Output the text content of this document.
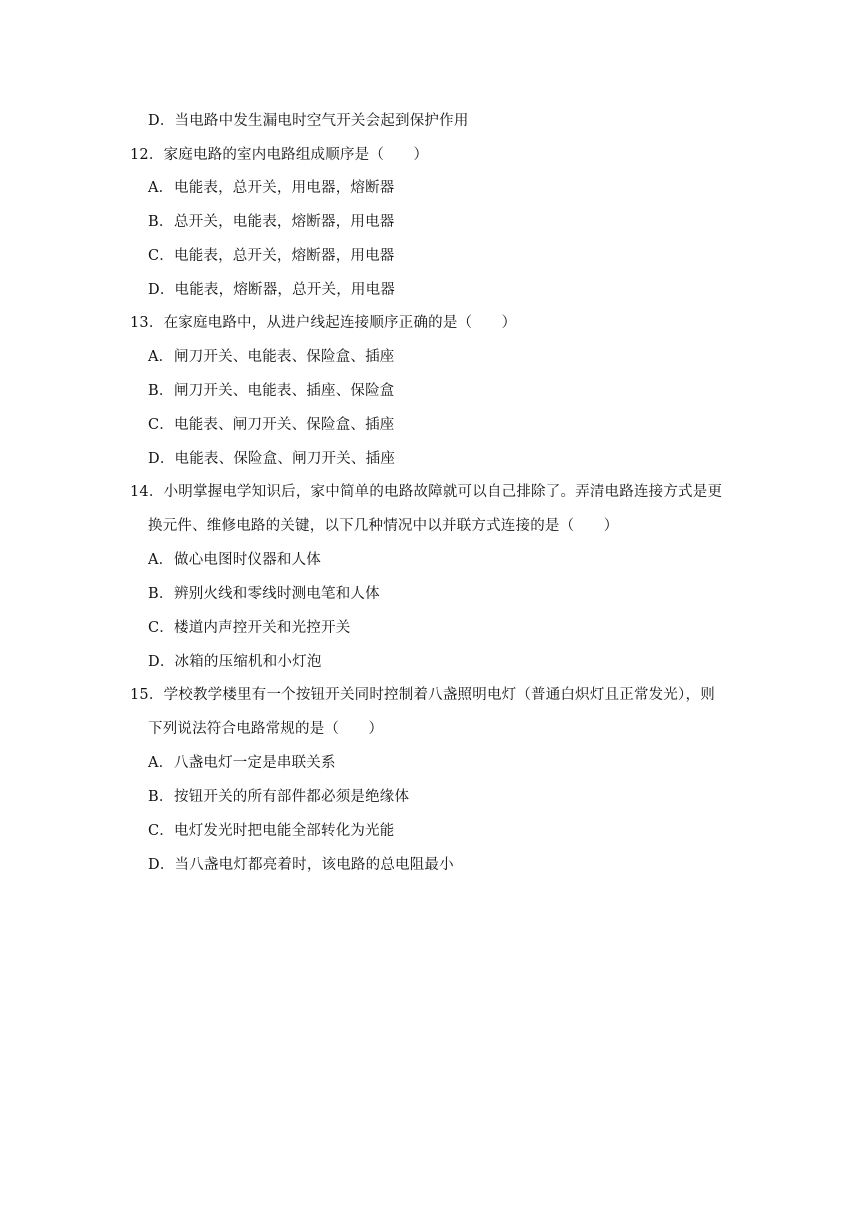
D．当电路中发生漏电时空气开关会起到保护作用
12．家庭电路的室内电路组成顺序是（　　）
A．电能表，总开关，用电器，熔断器
B．总开关，电能表，熔断器，用电器
C．电能表，总开关，熔断器，用电器
D．电能表，熔断器，总开关，用电器
13．在家庭电路中，从进户线起连接顺序正确的是（　　）
A．闸刀开关、电能表、保险盒、插座
B．闸刀开关、电能表、插座、保险盒
C．电能表、闸刀开关、保险盒、插座
D．电能表、保险盒、闸刀开关、插座
14．小明掌握电学知识后，家中简单的电路故障就可以自己排除了。弄清电路连接方式是更
换元件、维修电路的关键，以下几种情况中以并联方式连接的是（　　）
A．做心电图时仪器和人体
B．辨别火线和零线时测电笔和人体
C．楼道内声控开关和光控开关
D．冰箱的压缩机和小灯泡
15．学校教学楼里有一个按钮开关同时控制着八盏照明电灯（普通白炽灯且正常发光），则
下列说法符合电路常规的是（　　）
A．八盏电灯一定是串联关系
B．按钮开关的所有部件都必须是绝缘体
C．电灯发光时把电能全部转化为光能
D．当八盏电灯都亮着时，该电路的总电阻最小
